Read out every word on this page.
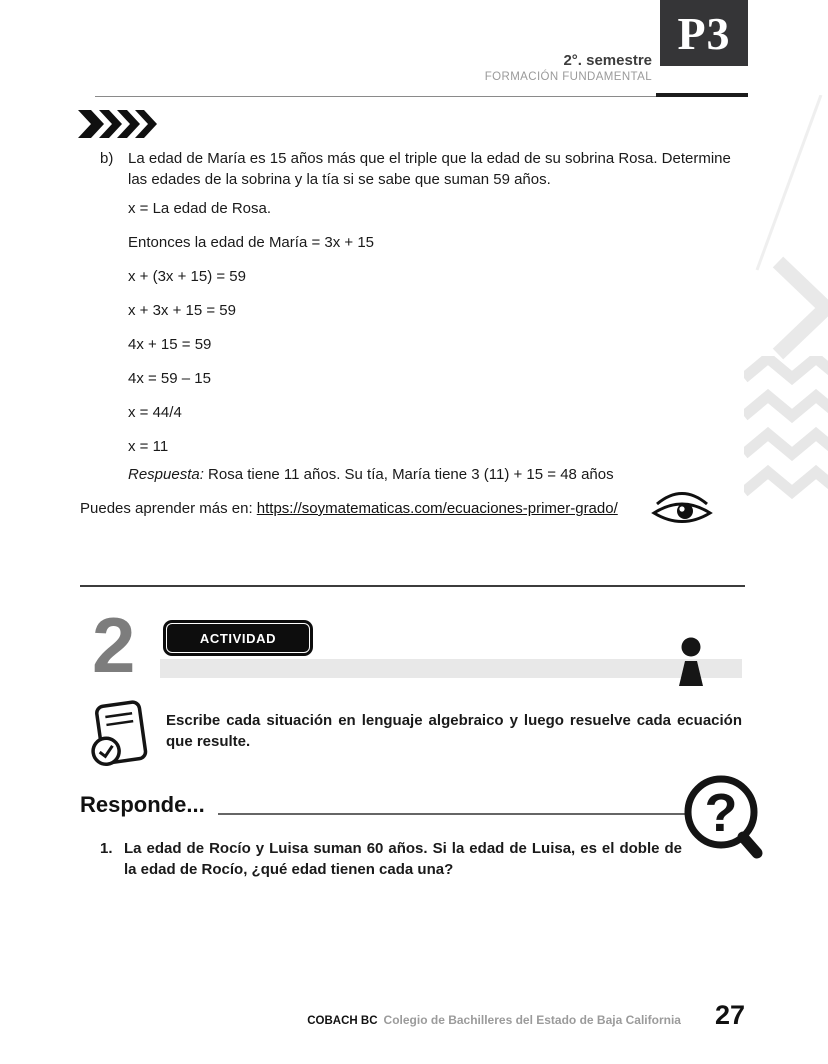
P3
2°. semestre
FORMACIÓN FUNDAMENTAL
b) La edad de María es 15 años más que el triple que la edad de su sobrina Rosa. Determine las edades de la sobrina y la tía si se sabe que suman 59 años.
x = La edad de Rosa.
Entonces la edad de María = 3x + 15
x + (3x + 15) = 59
x + 3x + 15 = 59
4x + 15 = 59
4x = 59 – 15
x = 44/4
x = 11
Respuesta: Rosa tiene 11 años. Su tía, María tiene 3 (11) + 15 = 48 años
Puedes aprender más en: https://soymatematicas.com/ecuaciones-primer-grado/
2	ACTIVIDAD
Escribe cada situación en lenguaje algebraico y luego resuelve cada ecuación que resulte.
Responde...	?
1. La edad de Rocío y Luisa suman 60 años. Si la edad de Luisa, es el doble de la edad de Rocío, ¿qué edad tienen cada una?
COBACH BC Colegio de Bachilleres del Estado de Baja California 27
